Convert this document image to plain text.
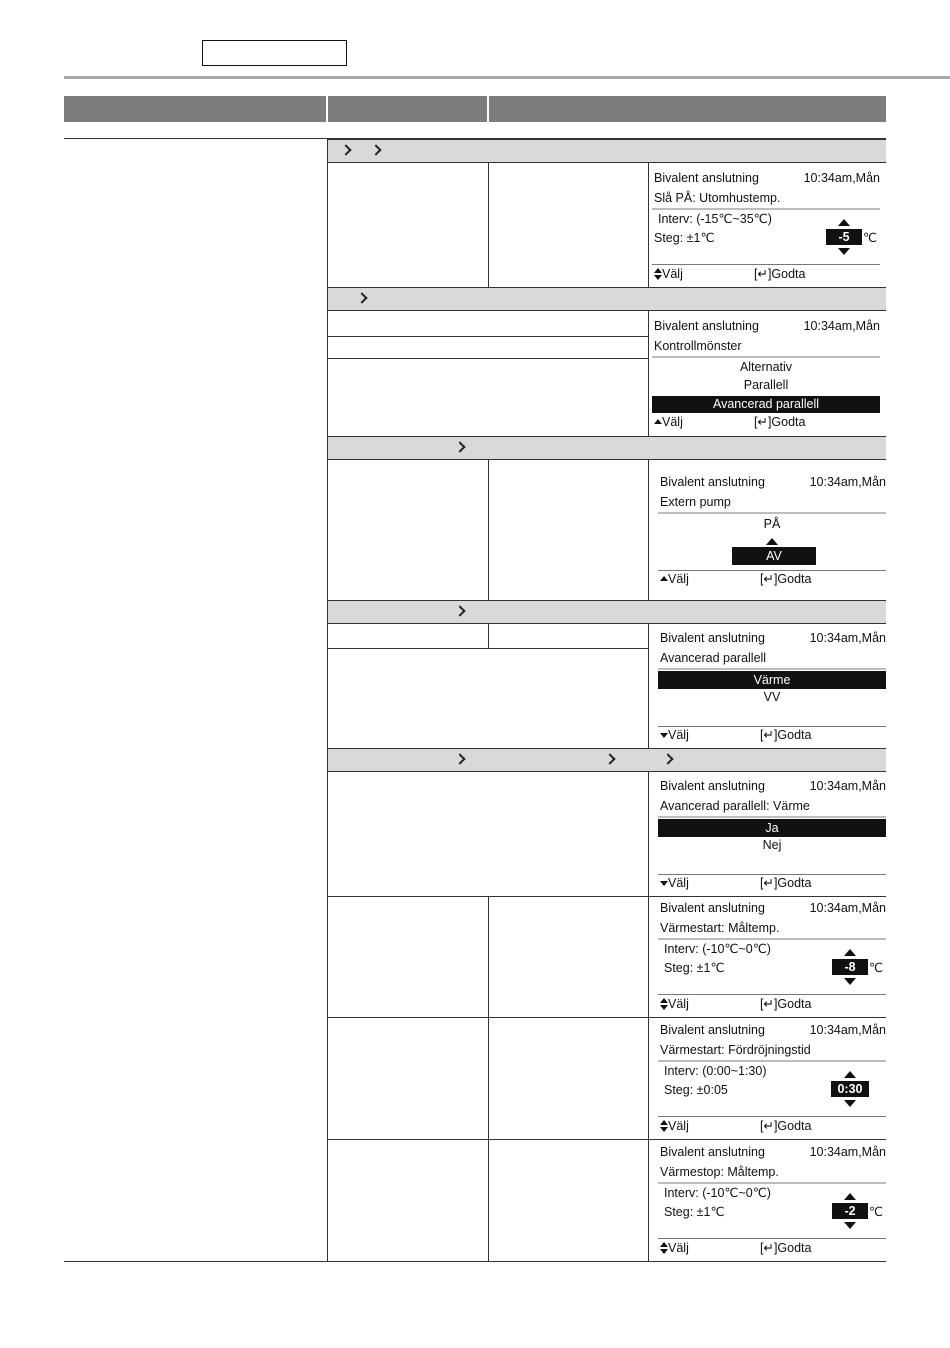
Bivalent anslutning	10:34am,Mån
Slå PÅ: Utomhustemp.
Interv: (-15℃~35℃)
Steg: ±1℃	-5	℃
Välj	[↵]Godta
Bivalent anslutning	10:34am,Mån
Kontrollmönster
Alternativ
Parallell
Avancerad parallell
Välj	[↵]Godta
Bivalent anslutning	10:34am,Mån
Extern pump
PÅ
AV
Välj	[↵]Godta
Bivalent anslutning	10:34am,Mån
Avancerad parallell
Värme
VV
Välj	[↵]Godta
Bivalent anslutning	10:34am,Mån
Avancerad parallell: Värme
Ja
Nej
Välj	[↵]Godta
Bivalent anslutning	10:34am,Mån
Värmestart: Måltemp.
Interv: (-10℃~0℃)
Steg: ±1℃	-8	℃
Välj	[↵]Godta
Bivalent anslutning	10:34am,Mån
Värmestart: Fördröjningstid
Interv: (0:00~1:30)
Steg: ±0:05	0:30
Välj	[↵]Godta
Bivalent anslutning	10:34am,Mån
Värmestop: Måltemp.
Interv: (-10℃~0℃)
Steg: ±1℃	-2	℃
Välj	[↵]Godta
